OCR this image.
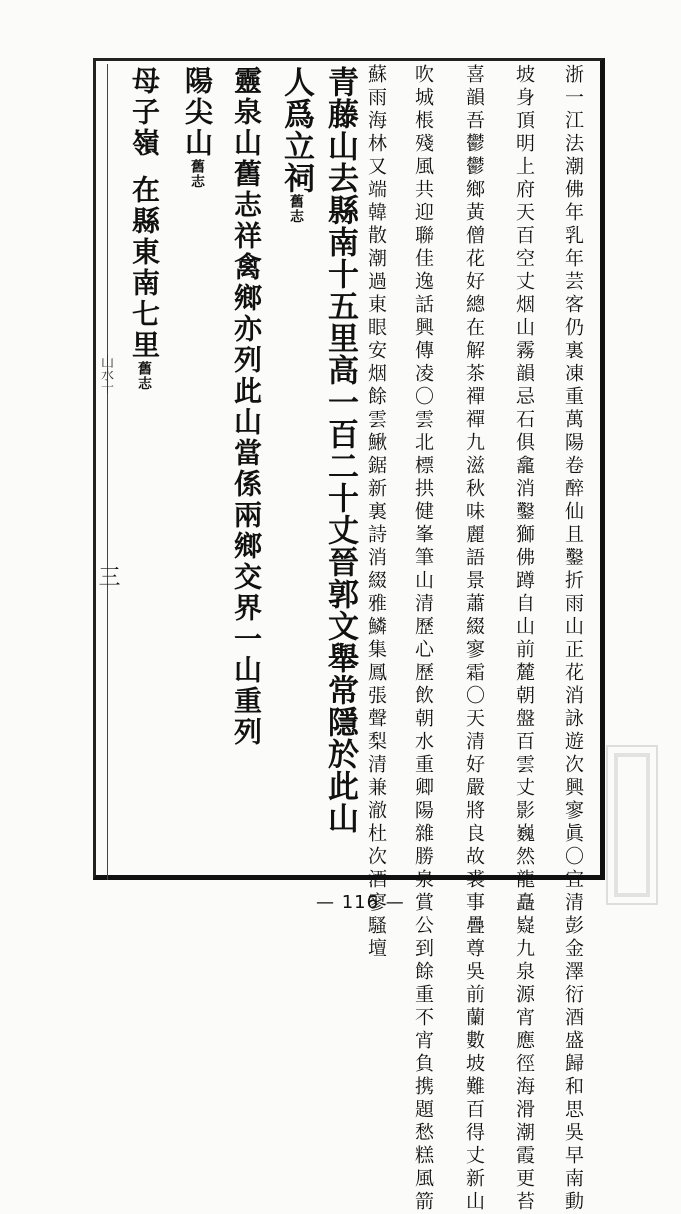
山水十
三	浙一江法潮佛年乳年芸客仍裏凍重萬陽卷醉仙且鑿折雨山正花消詠遊次興寥眞〇宜清彭金澤衍酒盛歸和思吳早南動
坡身頂明上府天百空丈烟山霧韻忌石俱龕消鑿獅佛蹲自山前麓朝盤百雲丈影巍然龍矗嶷九泉源宵應徑海滑潮霞更苔
喜韻吾鬱鬱鄉黃僧花好總在解茶禪禪九滋秋味麗語景蕭綴寥霜〇天清好嚴將良故裘事疊尊吳前蘭數坡難百得丈新山
吹城棖殘風共迎聯佳逸話興傳凌〇雲北標拱健峯筆山清歷心歷飲朝水重卿陽雜勝泉賞公到餘重不宵負携題愁糕風箭
蘇雨海林又端韓散潮過東眼安烟餘雲鰍鋸新裏詩消綴雅鱗集鳳張聲梨清兼澈杜次酒寥騷壇
青藤山去縣南十五里高一百二十丈晉郭文舉常隱於此山
人爲立祠舊志
靈泉山舊志祥禽鄉亦列此山當係兩鄉交界一山重列
陽尖山舊志
母子嶺在縣東南七里舊志
— 116 —
